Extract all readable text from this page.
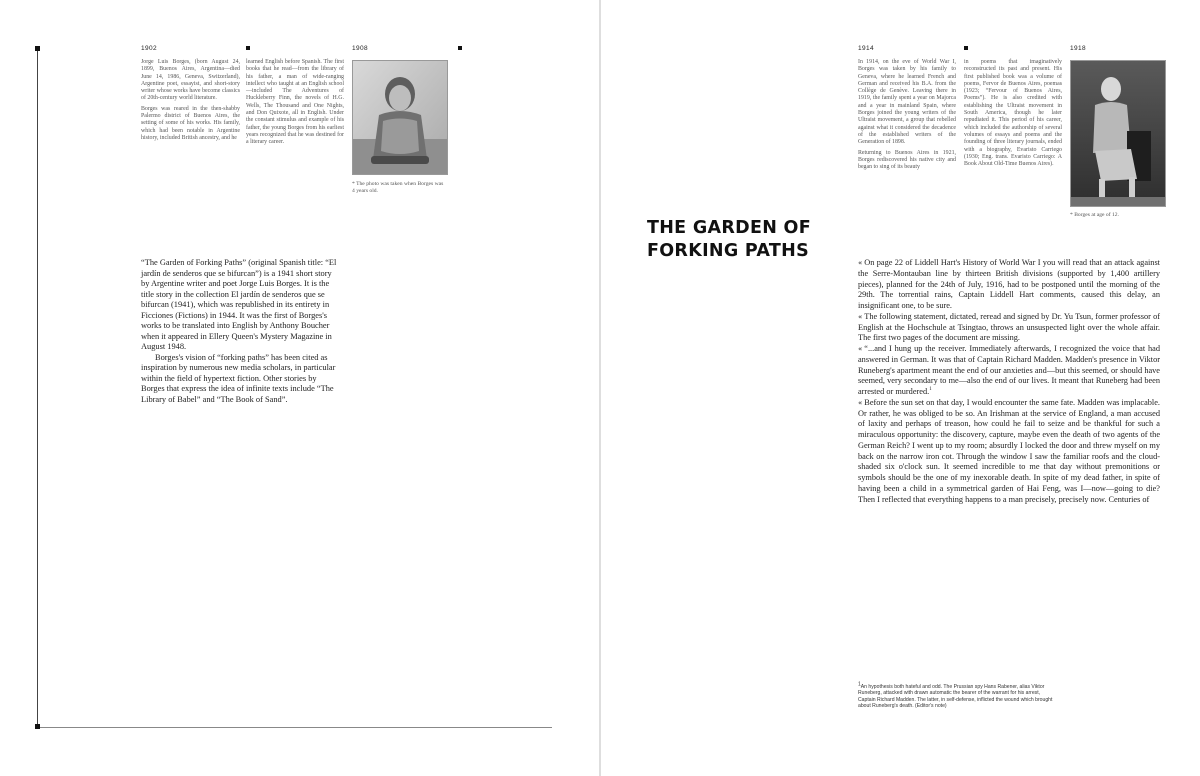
1902	1908

Jorge Luis Borges, (born August 24, 1899, Buenos Aires, Argentina—died June 14, 1986, Geneva, Switzerland), Argentine poet, essayist, and short-story writer whose works have become classics of 20th-century world literature.

Borges was reared in the then-shabby Palermo district of Buenos Aires, the setting of some of his works. His family, which had been notable in Argentine history, included British ancestry, and he

learned English before Spanish. The first books that he read—from the library of his father, a man of wide-ranging intellect who taught at an English school—included The Adventures of Huckleberry Finn, the novels of H.G. Wells, The Thousand and One Nights, and Don Quixote, all in English. Under the constant stimulus and example of his father, the young Borges from his earliest years recognized that he was destined for a literary career.

* The photo was taken when Borges was 4 years old.

“The Garden of Forking Paths” (original Spanish title: “El jardín de senderos que se bifurcan”) is a 1941 short story by Argentine writer and poet Jorge Luis Borges. It is the title story in the collection El jardín de senderos que se bifurcan (1941), which was republished in its entirety in Ficciones (Fictions) in 1944. It was the first of Borges's works to be translated into English by Anthony Boucher when it appeared in Ellery Queen's Mystery Magazine in August 1948.

Borges's vision of “forking paths” has been cited as inspiration by numerous new media scholars, in particular within the field of hypertext fiction. Other stories by Borges that express the idea of infinite texts include “The Library of Babel” and “The Book of Sand”.

1914	1918

In 1914, on the eve of World War I, Borges was taken by his family to Geneva, where he learned French and German and received his B.A. from the Collège de Genève. Leaving there in 1919, the family spent a year on Majorca and a year in mainland Spain, where Borges joined the young writers of the Ultraist movement, a group that rebelled against what it considered the decadence of the established writers of the Generation of 1898.

Returning to Buenos Aires in 1921, Borges rediscovered his native city and began to sing of its beauty

in poems that imaginatively reconstructed its past and present. His first published book was a volume of poems, Fervor de Buenos Aires, poemas (1923; “Fervour of Buenos Aires, Poems”). He is also credited with establishing the Ultraist movement in South America, though he later repudiated it. This period of his career, which included the authorship of several volumes of essays and poems and the founding of three literary journals, ended with a biography, Evaristo Carriego (1930; Eng. trans. Evaristo Carriego: A Book About Old-Time Buenos Aires).

* Borges at age of 12.
THE GARDEN OF FORKING PATHS

« On page 22 of Liddell Hart's History of World War I you will read that an attack against the Serre-Montauban line by thirteen British divisions (supported by 1,400 artillery pieces), planned for the 24th of July, 1916, had to be postponed until the morning of the 29th. The torrential rains, Captain Liddell Hart comments, caused this delay, an insignificant one, to be sure.

« The following statement, dictated, reread and signed by Dr. Yu Tsun, former professor of English at the Hochschule at Tsingtao, throws an unsuspected light over the whole affair. The first two pages of the document are missing.

« “...and I hung up the receiver. Immediately afterwards, I recognized the voice that had answered in German. It was that of Captain Richard Madden. Madden's presence in Viktor Runeberg's apartment meant the end of our anxieties and—but this seemed, or should have seemed, very secondary to me—also the end of our lives. It meant that Runeberg had been arrested or murdered.$^1$

« Before the sun set on that day, I would encounter the same fate. Madden was implacable. Or rather, he was obliged to be so. An Irishman at the service of England, a man accused of laxity and perhaps of treason, how could he fail to seize and be thankful for such a miraculous opportunity: the discovery, capture, maybe even the death of two agents of the German Reich? I went up to my room; absurdly I locked the door and threw myself on my back on the narrow iron cot. Through the window I saw the familiar roofs and the cloud-shaded six o'clock sun. It seemed incredible to me that day without premonitions or symbols should be the one of my inexorable death. In spite of my dead father, in spite of having been a child in a symmetrical garden of Hai Feng, was I—now—going to die? Then I reflected that everything happens to a man precisely, precisely now. Centuries of

$^1$An hypothesis both hateful and odd. The Prussian spy Hans Rabener, alias Viktor Runeberg, attacked with drawn automatic the bearer of the warrant for his arrest, Captain Richard Madden. The latter, in self-defense, inflicted the wound which brought about Runeberg's death. (Editor's note)
